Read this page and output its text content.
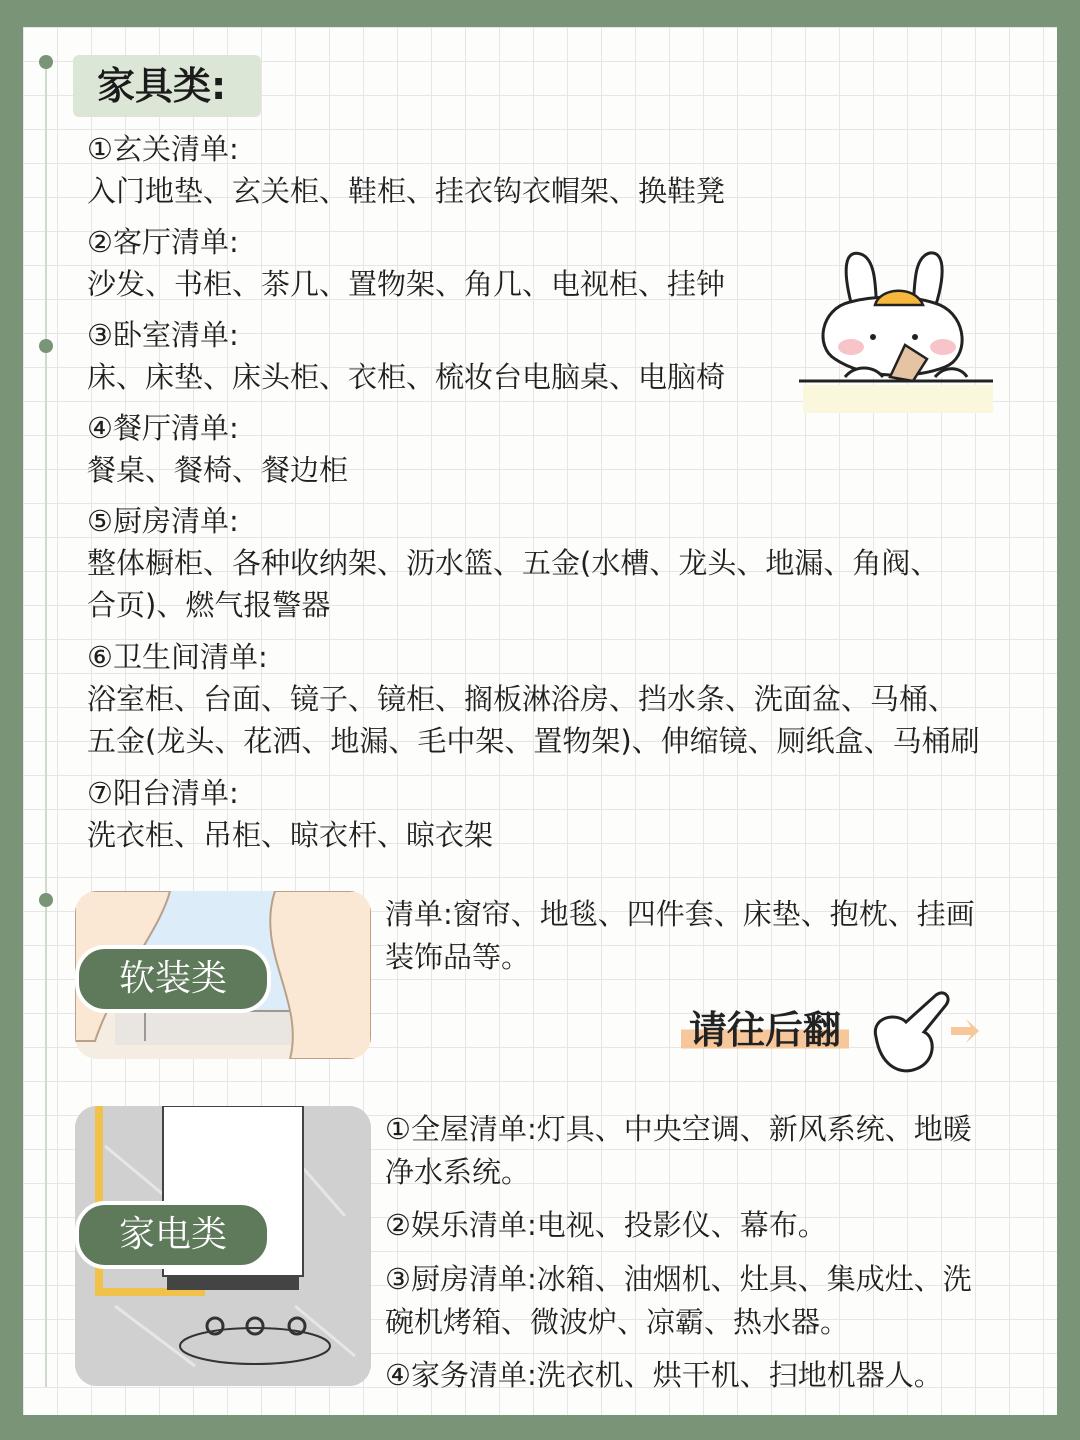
家具类:
①玄关清单:
入门地垫、玄关柜、鞋柜、挂衣钩衣帽架、换鞋凳
②客厅清单:
沙发、书柜、茶几、置物架、角几、电视柜、挂钟
③卧室清单:
床、床垫、床头柜、衣柜、梳妆台电脑桌、电脑椅
④餐厅清单:
餐桌、餐椅、餐边柜
⑤厨房清单:
整体橱柜、各种收纳架、沥水篮、五金(水槽、龙头、地漏、角阀、
合页)、燃气报警器
⑥卫生间清单:
浴室柜、台面、镜子、镜柜、搁板淋浴房、挡水条、洗面盆、马桶、
五金(龙头、花洒、地漏、毛中架、置物架)、伸缩镜、厕纸盒、马桶刷
⑦阳台清单:
洗衣柜、吊柜、晾衣杆、晾衣架
软装类
清单:窗帘、地毯、四件套、床垫、抱枕、挂画
装饰品等。
请往后翻
家电类
①全屋清单:灯具、中央空调、新风系统、地暖
净水系统。
②娱乐清单:电视、投影仪、幕布。
③厨房清单:冰箱、油烟机、灶具、集成灶、洗
碗机烤箱、微波炉、凉霸、热水器。
④家务清单:洗衣机、烘干机、扫地机器人。
